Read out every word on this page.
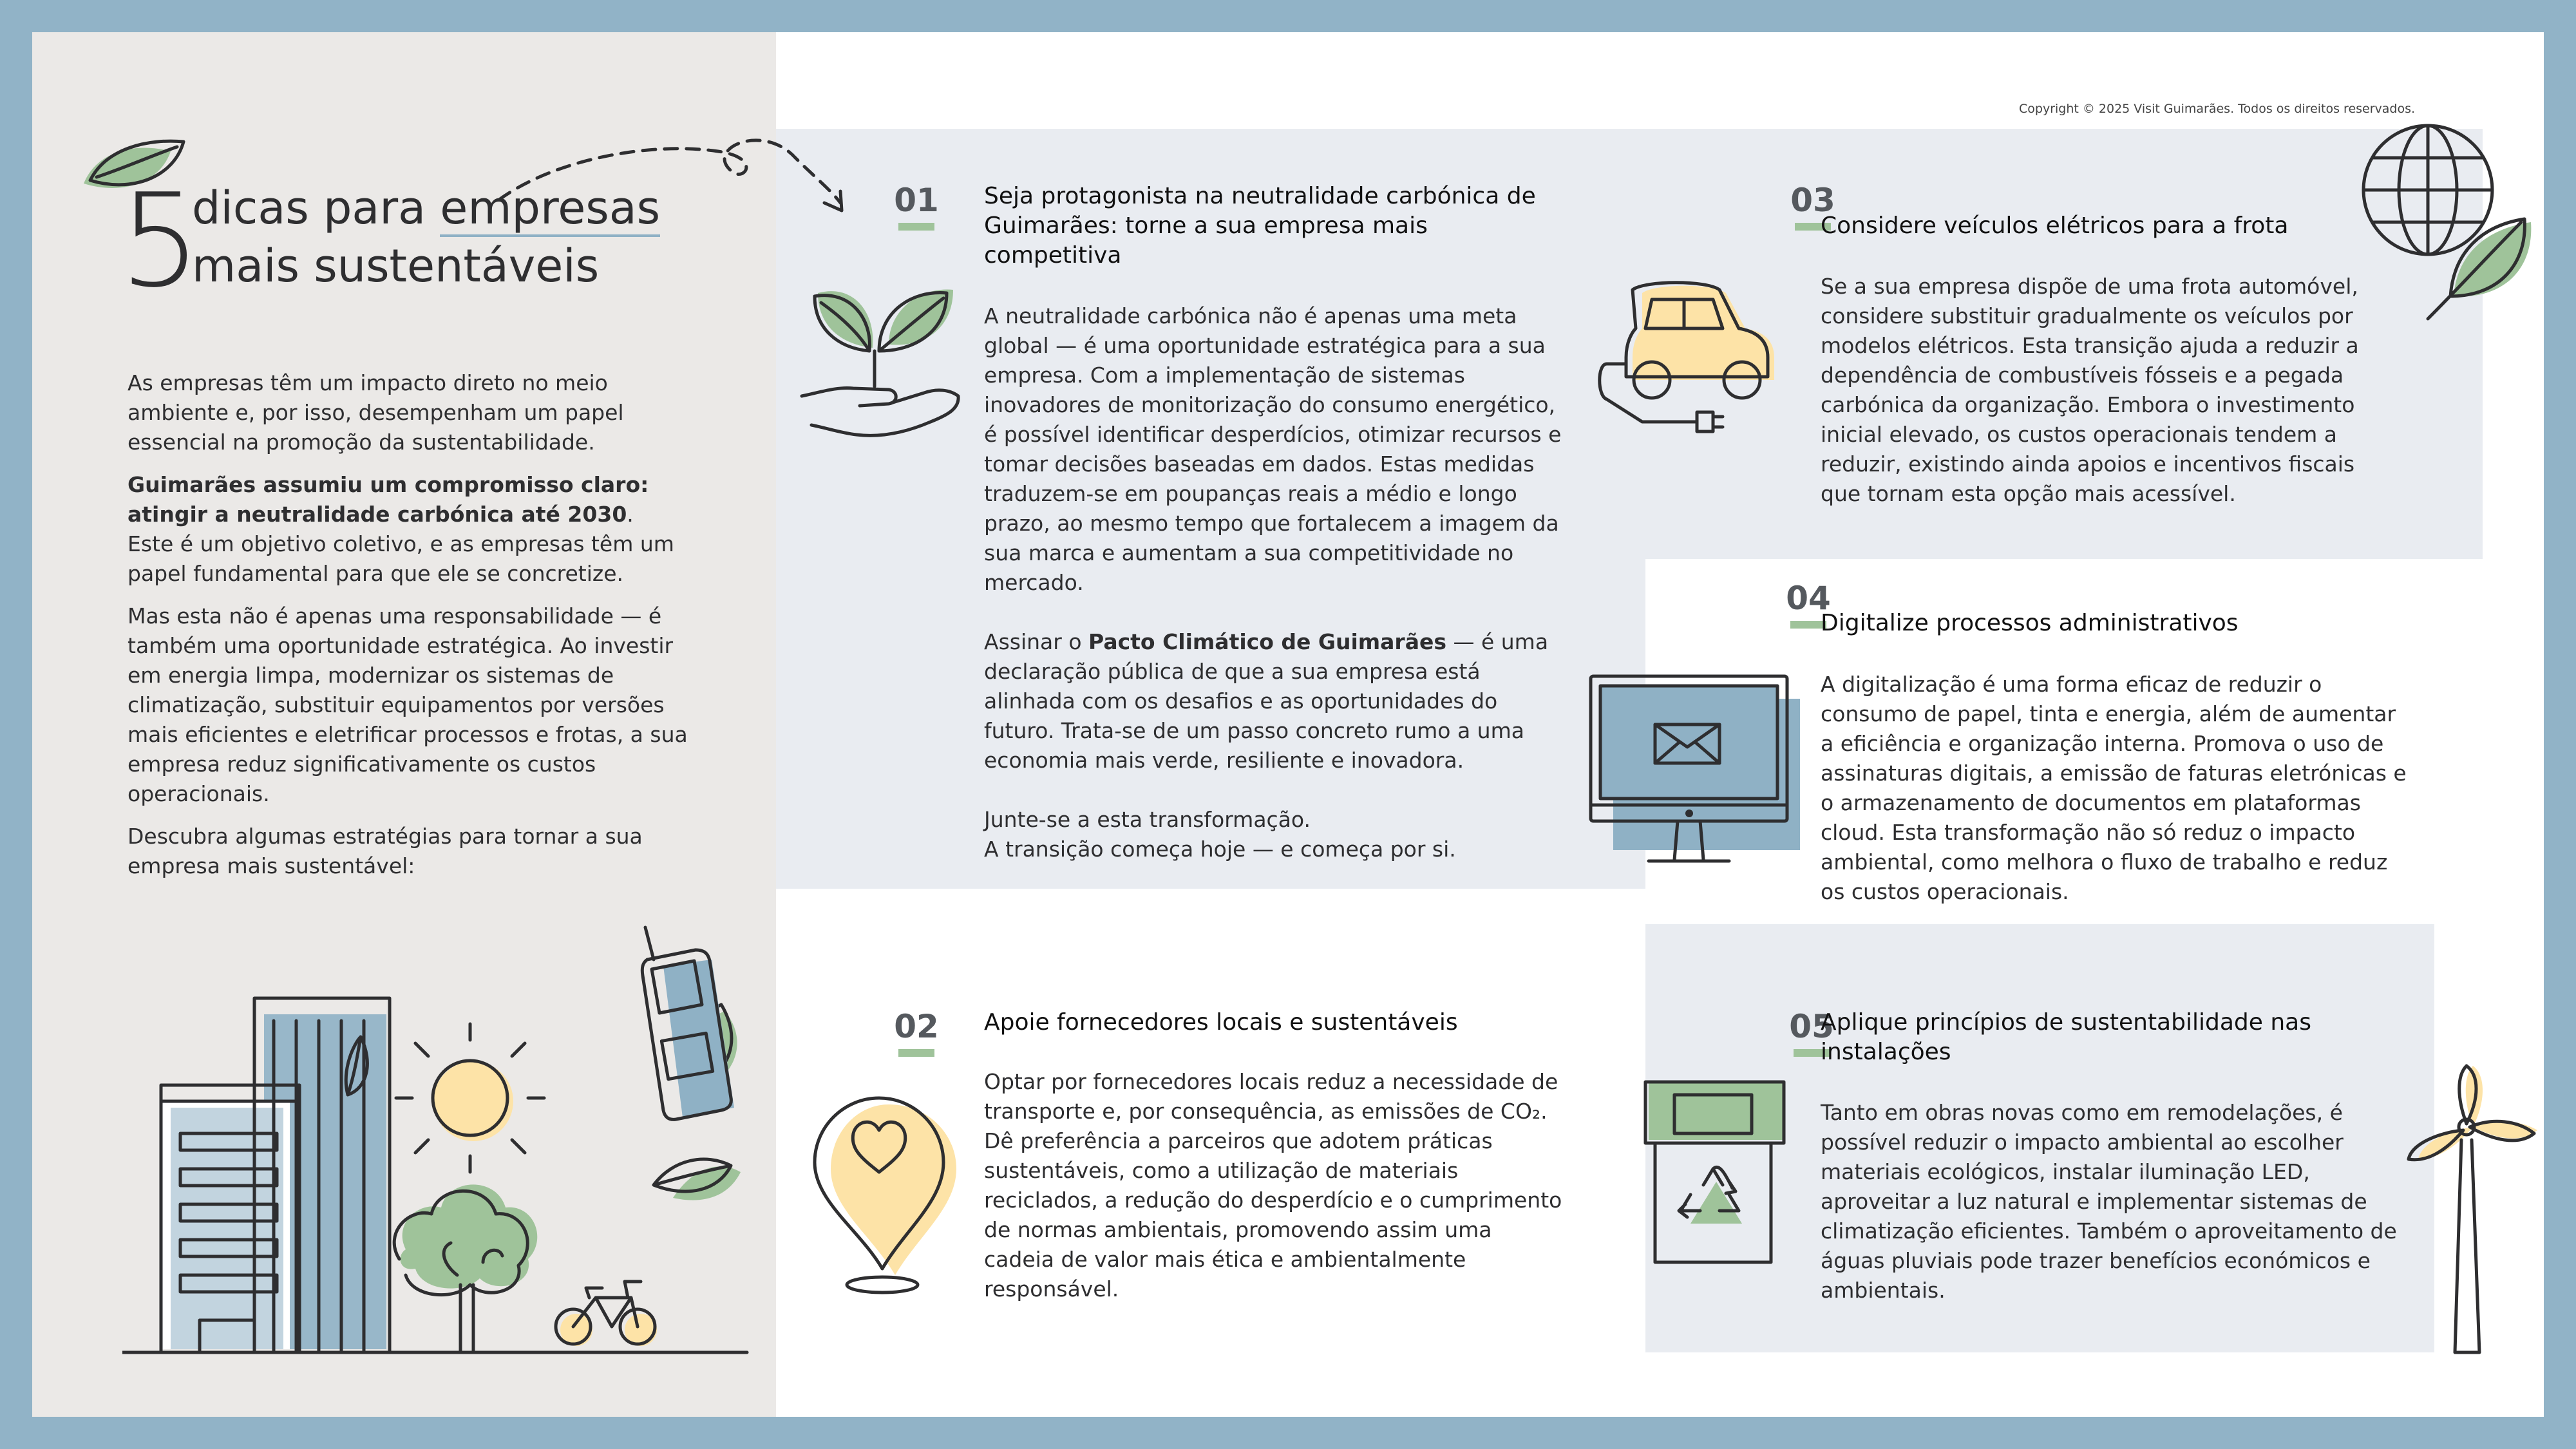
Copyright © 2025 Visit Guimarães. Todos os direitos reservados.
5
dicas para empresas
mais sustentáveis

As empresas têm um impacto direto no meio ambiente e, por isso, desempenham um papel essencial na promoção da sustentabilidade.

Guimarães assumiu um compromisso claro: atingir a neutralidade carbónica até 2030.
Este é um objetivo coletivo, e as empresas têm um papel fundamental para que ele se concretize.

Mas esta não é apenas uma responsabilidade — é também uma oportunidade estratégica. Ao investir em energia limpa, modernizar os sistemas de climatização, substituir equipamentos por versões mais eficientes e eletrificar processos e frotas, a sua empresa reduz significativamente os custos operacionais.

Descubra algumas estratégias para tornar a sua empresa mais sustentável:

01	Seja protagonista na neutralidade carbónica de Guimarães: torne a sua empresa mais competitiva

A neutralidade carbónica não é apenas uma meta global — é uma oportunidade estratégica para a sua empresa. Com a implementação de sistemas inovadores de monitorização do consumo energético, é possível identificar desperdícios, otimizar recursos e tomar decisões baseadas em dados. Estas medidas traduzem-se em poupanças reais a médio e longo prazo, ao mesmo tempo que fortalecem a imagem da sua marca e aumentam a sua competitividade no mercado.

Assinar o Pacto Climático de Guimarães — é uma declaração pública de que a sua empresa está alinhada com os desafios e as oportunidades do futuro. Trata-se de um passo concreto rumo a uma economia mais verde, resiliente e inovadora.

Junte-se a esta transformação.
A transição começa hoje — e começa por si.

02	Apoie fornecedores locais e sustentáveis

Optar por fornecedores locais reduz a necessidade de transporte e, por consequência, as emissões de CO₂. Dê preferência a parceiros que adotem práticas sustentáveis, como a utilização de materiais reciclados, a redução do desperdício e o cumprimento de normas ambientais, promovendo assim uma cadeia de valor mais ética e ambientalmente responsável.

03
Considere veículos elétricos para a frota

Se a sua empresa dispõe de uma frota automóvel, considere substituir gradualmente os veículos por modelos elétricos. Esta transição ajuda a reduzir a dependência de combustíveis fósseis e a pegada carbónica da organização. Embora o investimento inicial elevado, os custos operacionais tendem a reduzir, existindo ainda apoios e incentivos fiscais que tornam esta opção mais acessível.

04
Digitalize processos administrativos

A digitalização é uma forma eficaz de reduzir o consumo de papel, tinta e energia, além de aumentar a eficiência e organização interna. Promova o uso de assinaturas digitais, a emissão de faturas eletrónicas e o armazenamento de documentos em plataformas cloud. Esta transformação não só reduz o impacto ambiental, como melhora o fluxo de trabalho e reduz os custos operacionais.

05
Aplique princípios de sustentabilidade nas instalações

Tanto em obras novas como em remodelações, é possível reduzir o impacto ambiental ao escolher materiais ecológicos, instalar iluminação LED, aproveitar a luz natural e implementar sistemas de climatização eficientes. Também o aproveitamento de águas pluviais pode trazer benefícios económicos e ambientais.
